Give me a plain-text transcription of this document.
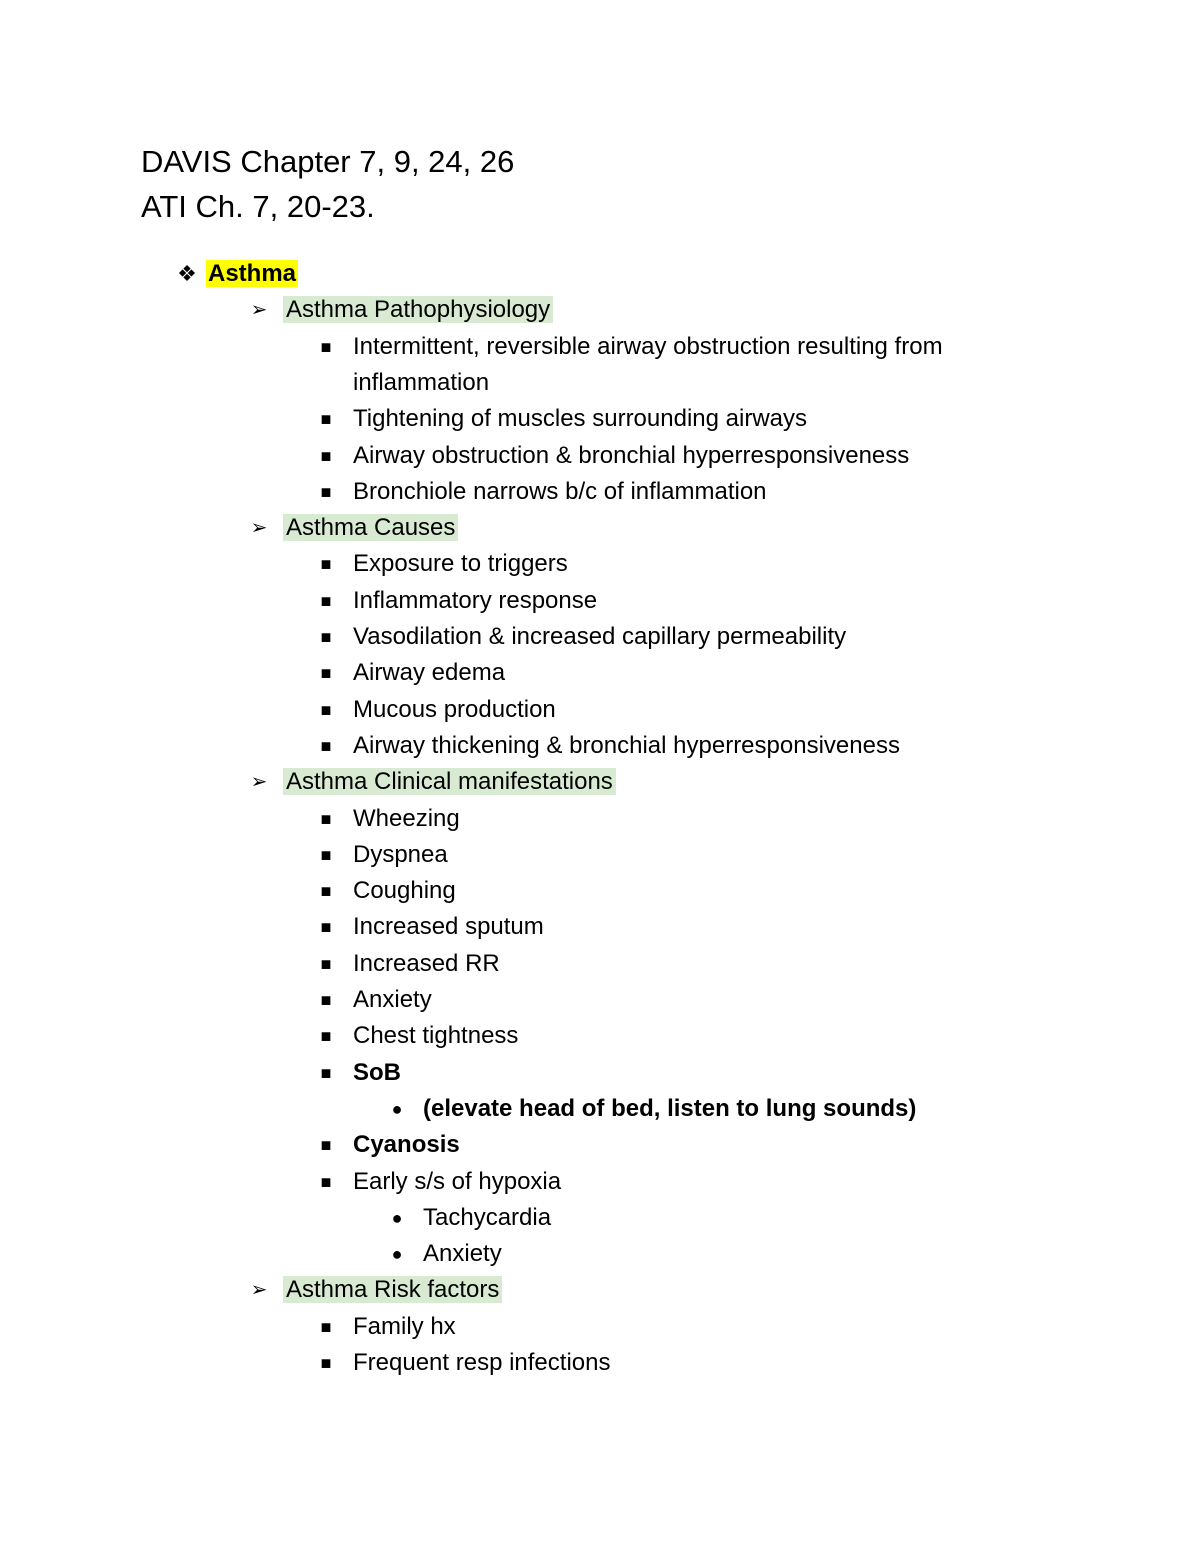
DAVIS Chapter 7, 9, 24, 26
ATI Ch. 7, 20-23.
❖ Asthma
➢ Asthma Pathophysiology
■ Intermittent, reversible airway obstruction resulting from
inflammation
■ Tightening of muscles surrounding airways
■ Airway obstruction & bronchial hyperresponsiveness
■ Bronchiole narrows b/c of inflammation
➢ Asthma Causes
■ Exposure to triggers
■ Inflammatory response
■ Vasodilation & increased capillary permeability
■ Airway edema
■ Mucous production
■ Airway thickening & bronchial hyperresponsiveness
➢ Asthma Clinical manifestations
■ Wheezing
■ Dyspnea
■ Coughing
■ Increased sputum
■ Increased RR
■ Anxiety
■ Chest tightness
■ SoB
● (elevate head of bed, listen to lung sounds)
■ Cyanosis
■ Early s/s of hypoxia
● Tachycardia
● Anxiety
➢ Asthma Risk factors
■ Family hx
■ Frequent resp infections
